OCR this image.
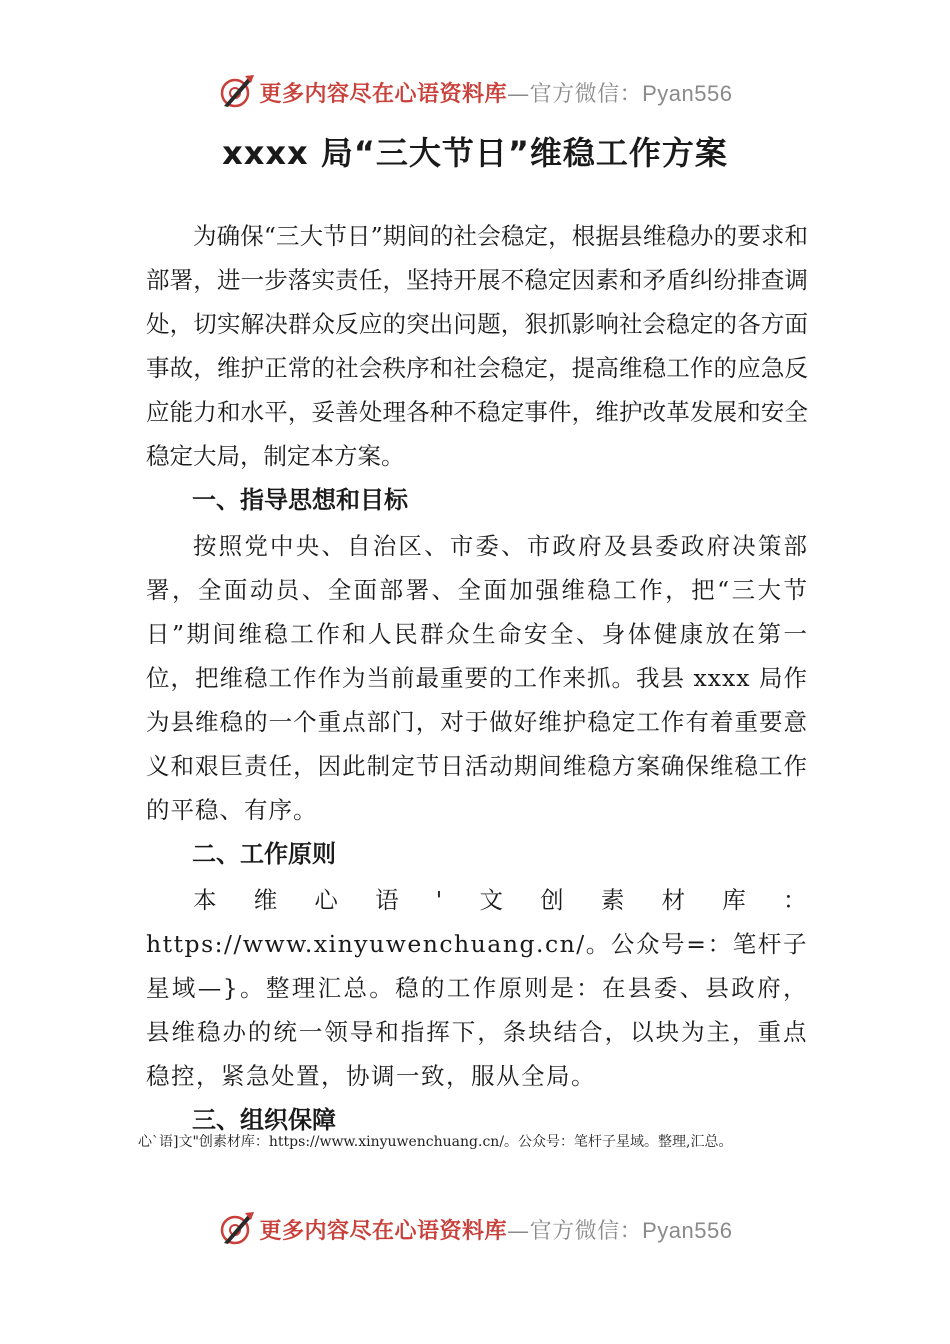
更多内容尽在心语资料库—官方微信：Pyan556
xxxx 局“三大节日”维稳工作方案

为确保“三大节日”期间的社会稳定，根据县维稳办的要求和部署，进一步落实责任，坚持开展不稳定因素和矛盾纠纷排查调处，切实解决群众反应的突出问题，狠抓影响社会稳定的各方面事故，维护正常的社会秩序和社会稳定，提高维稳工作的应急反应能力和水平，妥善处理各种不稳定事件，维护改革发展和安全稳定大局，制定本方案。

一、指导思想和目标

按照党中央、自治区、市委、市政府及县委政府决策部署，全面动员、全面部署、全面加强维稳工作，把“三大节日”期间维稳工作和人民群众生命安全、身体健康放在第一位，把维稳工作作为当前最重要的工作来抓。我县 xxxx 局作为县维稳的一个重点部门，对于做好维护稳定工作有着重要意义和艰巨责任，因此制定节日活动期间维稳方案确保维稳工作的平稳、有序。

二、工作原则

本维心语'文创素材库：https://www.xinyuwenchuang.cn/。公众号=：笔杆子星域—}。整理汇总。稳的工作原则是：在县委、县政府，县维稳办的统一领导和指挥下，条块结合，以块为主，重点稳控，紧急处置，协调一致，服从全局。

三、组织保障

心`语]文"创素材库：https://www.xinyuwenchuang.cn/。公众号：笔杆子星域。整理,汇总。

更多内容尽在心语资料库—官方微信：Pyan556
